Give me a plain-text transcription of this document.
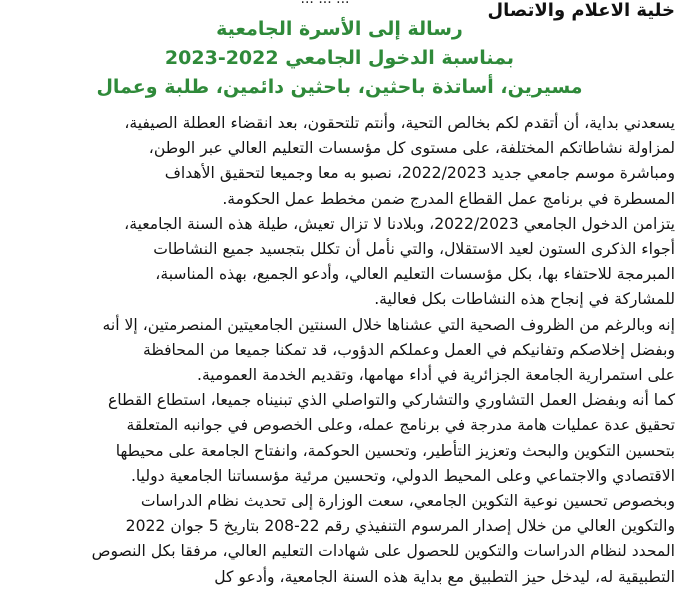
خلية الاعلام والاتصال
رسالة إلى الأسرة الجامعية
بمناسبة الدخول الجامعي 2022-2023
مسيرين، أساتذة باحثين، باحثين دائمين، طلبة وعمال
يسعدني بداية، أن أتقدم لكم بخالص التحية، وأنتم تلتحقون، بعد انقضاء العطلة الصيفية،
لمزاولة نشاطاتكم المختلفة، على مستوى كل مؤسسات التعليم العالي عبر الوطن،
ومباشرة موسم جامعي جديد 2022/2023، نصبو به معا وجميعا لتحقيق الأهداف
المسطرة في برنامج عمل القطاع المدرج ضمن مخطط عمل الحكومة.
يتزامن الدخول الجامعي 2022/2023، وبلادنا لا تزال تعيش، طيلة هذه السنة الجامعية،
أجواء الذكرى الستون لعيد الاستقلال، والتي نأمل أن تكلل بتجسيد جميع النشاطات
المبرمجة للاحتفاء بها، بكل مؤسسات التعليم العالي، وأدعو الجميع، بهذه المناسبة،
للمشاركة في إنجاح هذه النشاطات بكل فعالية.
إنه وبالرغم من الظروف الصحية التي عشناها خلال السنتين الجامعيتين المنصرمتين، إلا أنه
وبفضل إخلاصكم وتفانيكم في العمل وعملكم الدؤوب، قد تمكنا جميعا من المحافظة
على استمرارية الجامعة الجزائرية في أداء مهامها، وتقديم الخدمة العمومية.
كما أنه وبفضل العمل التشاوري والتشاركي والتواصلي الذي تبنيناه جميعا، استطاع القطاع
تحقيق عدة عمليات هامة مدرجة في برنامج عمله، وعلى الخصوص في جوانبه المتعلقة
بتحسين التكوين والبحث وتعزيز التأطير، وتحسين الحوكمة، وانفتاح الجامعة على محيطها
الاقتصادي والاجتماعي وعلى المحيط الدولي، وتحسين مرئية مؤسساتنا الجامعية دوليا.
وبخصوص تحسين نوعية التكوين الجامعي، سعت الوزارة إلى تحديث نظام الدراسات
والتكوين العالي من خلال إصدار المرسوم التنفيذي رقم 22-208 بتاريخ 5 جوان 2022
المحدد لنظام الدراسات والتكوين للحصول على شهادات التعليم العالي، مرفقا بكل النصوص
التطبيقية له، ليدخل حيز التطبيق مع بداية هذه السنة الجامعية، وأدعو كل
